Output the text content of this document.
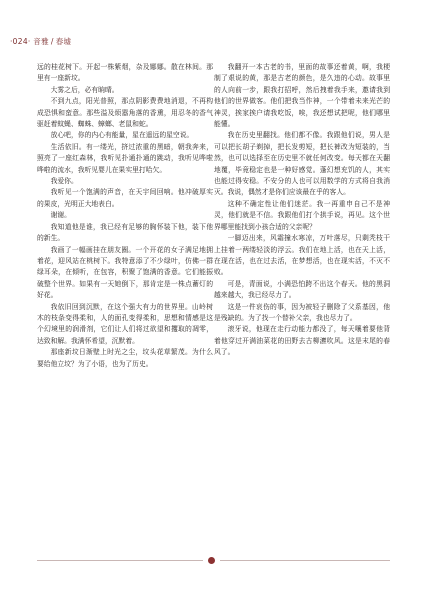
·024· 音雅 / 春墟

远的桂花树下。开起一株紫烟，杂及娜娜。散在林间。那里有一座新坟。

大雾之后，必有晌晴。

不到九点，阳光普照，那点阴影费费地消退，不再构成恐惧和蛮意。那些溢及烦嚣角落的香熏，用忍冬的香气驱赶着蚊蝇、蜘蛛、蟑螂、老鼠和蛇。

放心吧，你的内心有能量，星在遥远的星空说。

生活依旧。有一缕光，挤过浓重的黑暗，朝我奔来，照亮了一座红森林，我听见扑通扑通的跳动，我听见哗啦哗啦的流水，我听见婴儿在果实里打哈欠。

我爱你。

我听见一个饱满的声音，在天宇间回响。他冲破厚实的果皮，光明正大地表白。

谢谢。

我知道他是谁，我已经有足够的胸怀装下他，装下他的新生。

我画了一幅画挂在朋友圈。一个开花的女子满足地拥着花，迎风站在桃树下。我特意添了不少绿叶，仿佛一群绿耳朵，在倾听，在包容，积聚了饱满的香意。它们能振破整个世界。如果有一天她倒下，那肯定是一株点蓄灯的好花。

我依旧回到沉默，在这个强大有力的世界里。山岭树木的枝条变得柔和，人的面孔变得柔和，思想和情感是这个幻境里的润滑剂，它们让人们将过欲望和攫取的凋零，达致和解。我满怀希望，沉默着。

那座新坟日渐壁上时光之尘，坟头花草繁茂。为什么要给他立坟？为了小语，也为了历史。

我翻开一本古老的书，里面的故事还着黄，啊，我梗制了艰说的黄，那是古老的颜色，是久违的心动。故事里的人向前一步，跟我打招呼，然后拽着我手来，邀请我到他们的世界做客。他们把我当作神，一个带着未来光芒的神灵，挨家挨户请我吃饭，唉，我还想试把呢，他们哪里能懂。

我在历史里翻找。他们都不像。我跟他们说，男人是可以把长胡子剃掉，把长发剪短，把长裤改为短装的，当然，也可以选择至在历史里不就任何改变。每天都在天翻地覆，毕竟稳定也是一种好感觉。蓬幻想充饥的人，其实也能过得安稳。不安分的人也可以用数学的方式将自我消灭。我说，偶然才是你们应该最在乎的客人。

这种不确定性让他们迷茫。我一再重申自己不是神灵，他们就是不信。我跟他们打个拱手说，再见。这个世界哪里能找到小孩合适的父亲呢？

一脚迈出来，风霜撞水寒凉，万叶落尽，只剩秃枝干上挂着一两缕轻淡的浮云。我们在地上活，也在天上活，在现在活，也在过去活，在梦想活，也在现实活，不灭不败。

可是，青面说，小满恐怕跨不出这个春天。他的黑洞越来越大，我已经尽力了。

这是一件哀伤的事，因为被轻子删除了父系基因，他是残缺的。为了找一个替补父亲，我也尽力了。

滚牙说，他现在走行动能力都没了，每天嚷着要他背着他穿过开满油菜花的田野去古柳瀌吹风。这是末尾的春风了。
